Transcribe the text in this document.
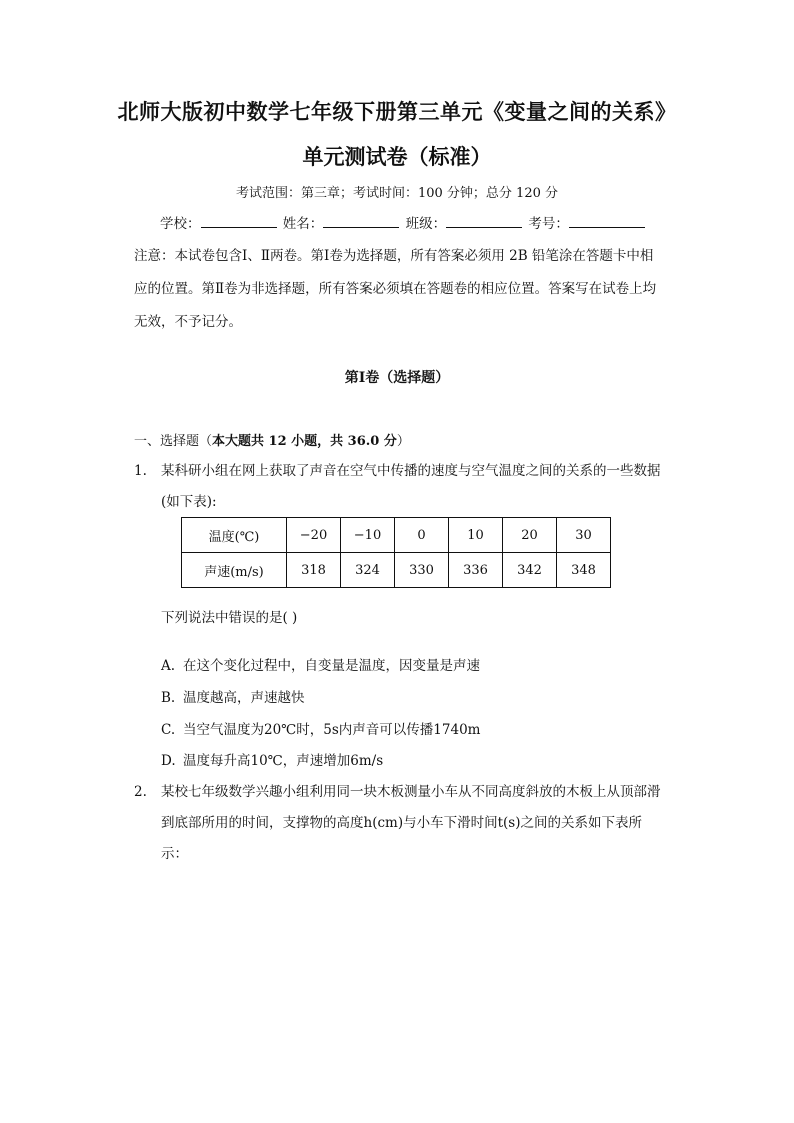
北师大版初中数学七年级下册第三单元《变量之间的关系》
单元测试卷（标准）
考试范围：第三章；考试时间：100 分钟；总分 120 分
学校：	姓名：	班级：	考号：
注意：本试卷包含Ⅰ、Ⅱ两卷。第Ⅰ卷为选择题，所有答案必须用 2B 铅笔涂在答题卡中相应的位置。第Ⅱ卷为非选择题，所有答案必须填在答题卷的相应位置。答案写在试卷上均无效，不予记分。
第Ⅰ卷（选择题）
一、选择题（本大题共 12 小题，共 36.0 分）
1. 某科研小组在网上获取了声音在空气中传播的速度与空气温度之间的关系的一些数据(如下表):
温度(℃)	−20	−10	0	10	20	30
声速(m/s)	318	324	330	336	342	348
下列说法中错误的是( )
A. 在这个变化过程中，自变量是温度，因变量是声速
B. 温度越高，声速越快
C. 当空气温度为20℃时，5s内声音可以传播1740m
D. 温度每升高10℃，声速增加6m/s
2. 某校七年级数学兴趣小组利用同一块木板测量小车从不同高度斜放的木板上从顶部滑到底部所用的时间，支撑物的高度h(cm)与小车下滑时间t(s)之间的关系如下表所示：
